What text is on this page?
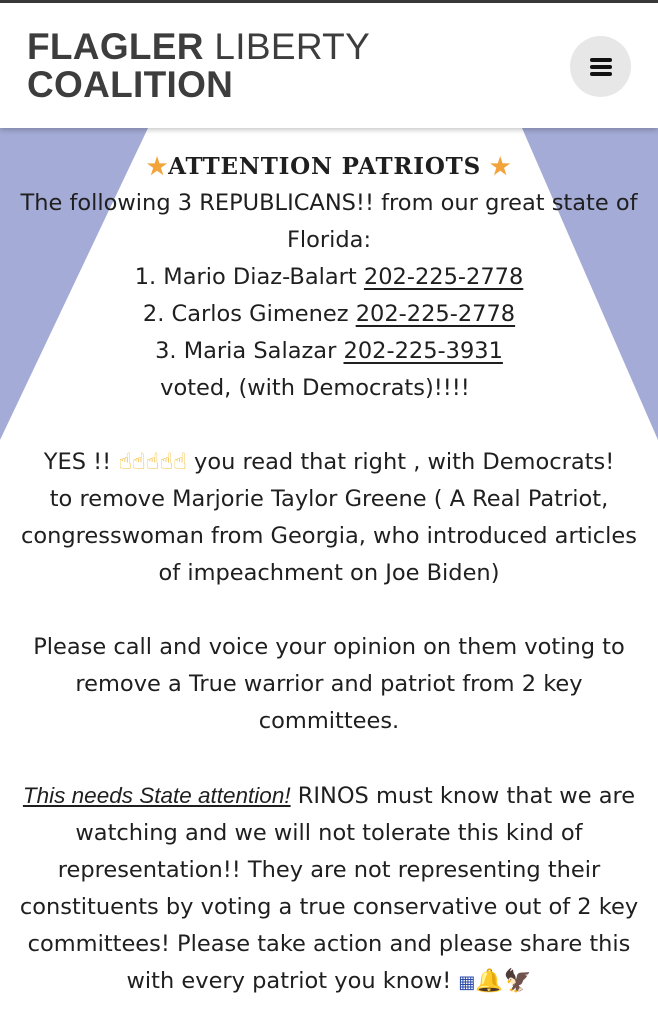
FLAGLER LIBERTY
COALITION
★ATTENTION PATRIOTS ★
The following 3 REPUBLICANS!! from our great state of Florida:
1. Mario Diaz-Balart 202-225-2778
2. Carlos Gimenez 202-225-2778
3. Maria Salazar 202-225-3931
voted, (with Democrats)!!!!
YES !! ☝☝☝☝☝ you read that right , with Democrats!
to remove Marjorie Taylor Greene ( A Real Patriot, congresswoman from Georgia, who introduced articles of impeachment on Joe Biden)
Please call and voice your opinion on them voting to remove a True warrior and patriot from 2 key committees.
This needs State attention! RINOS must know that we are watching and we will not tolerate this kind of representation!! They are not representing their constituents by voting a true conservative out of 2 key committees! Please take action and please share this with every patriot you know! ▦🔔🦅
